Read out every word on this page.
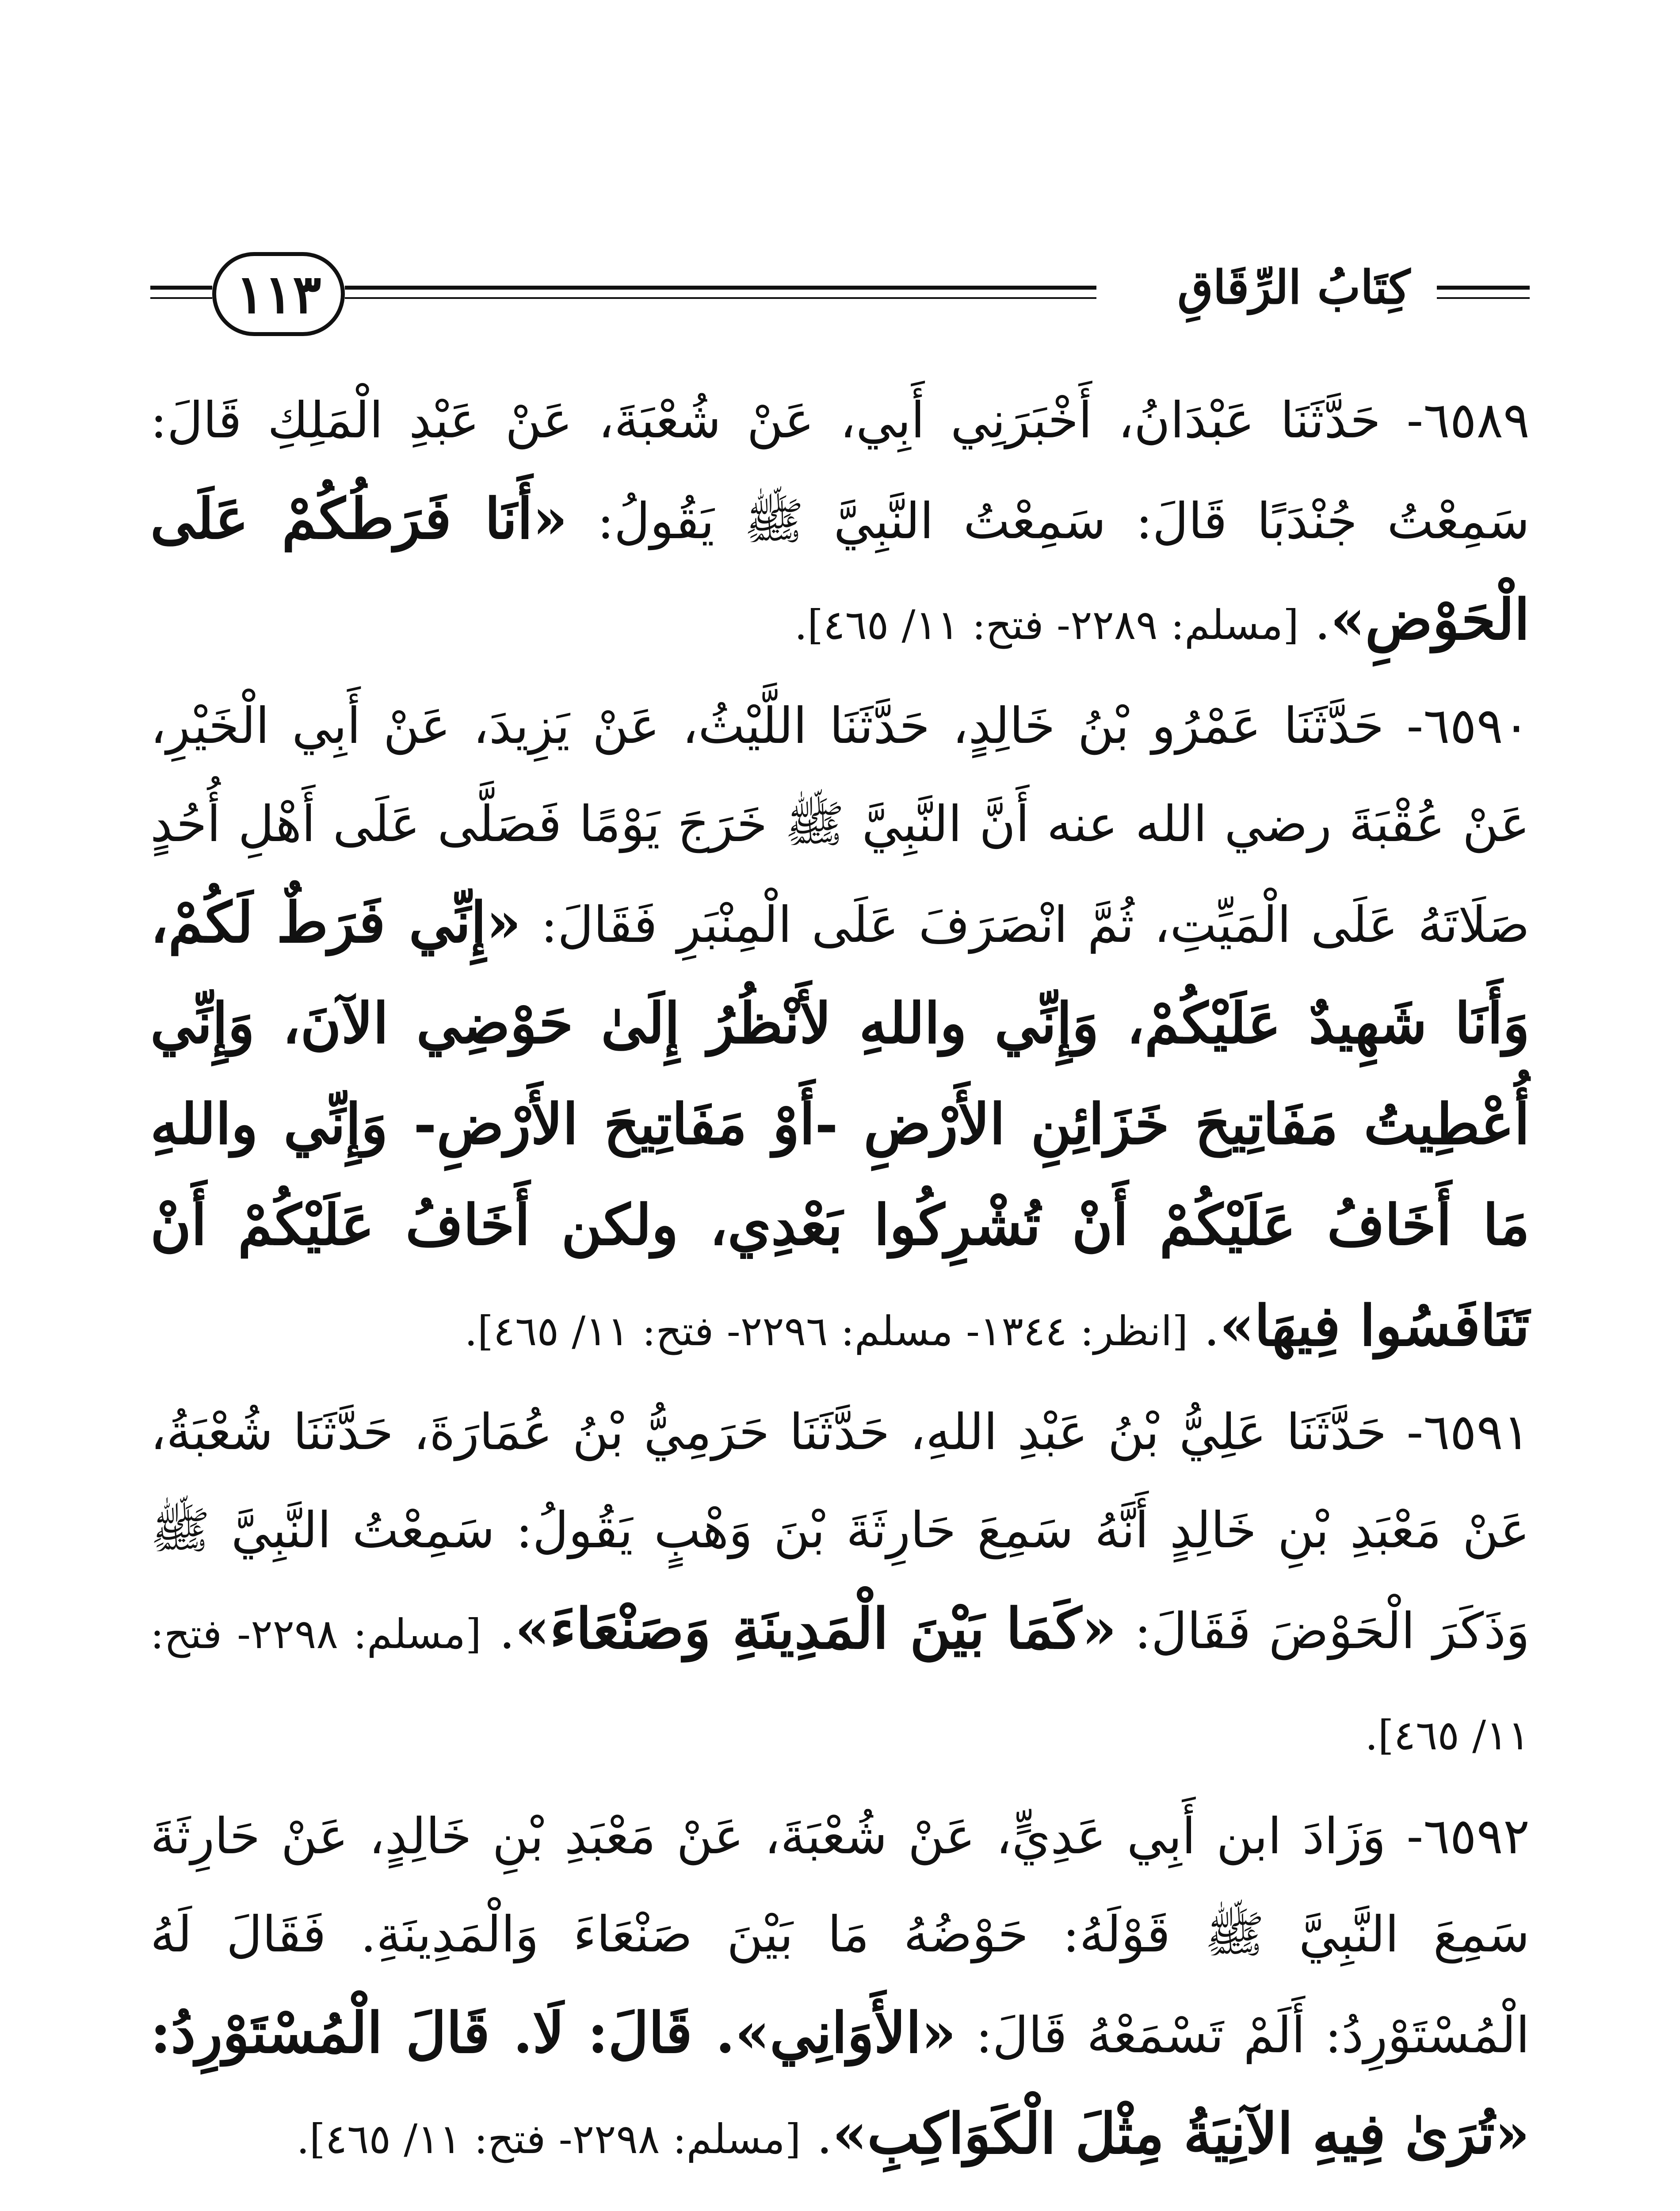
١١٣	كِتَابُ الرِّقَاقِ

٦٥٨٩- حَدَّثَنَا عَبْدَانُ، أَخْبَرَنِي أَبِي، عَنْ شُعْبَةَ، عَنْ عَبْدِ الْمَلِكِ قَالَ: سَمِعْتُ جُنْدَبًا قَالَ: سَمِعْتُ النَّبِيَّ ﷺ يَقُولُ: «أَنَا فَرَطُكُمْ عَلَى الْحَوْضِ». [مسلم: ٢٢٨٩- فتح: ١١/ ٤٦٥].

٦٥٩٠- حَدَّثَنَا عَمْرُو بْنُ خَالِدٍ، حَدَّثَنَا اللَّيْثُ، عَنْ يَزِيدَ، عَنْ أَبِي الْخَيْرِ، عَنْ عُقْبَةَ رضي الله عنه أَنَّ النَّبِيَّ ﷺ خَرَجَ يَوْمًا فَصَلَّى عَلَى أَهْلِ أُحُدٍ صَلَاتَهُ عَلَى الْمَيِّتِ، ثُمَّ انْصَرَفَ عَلَى الْمِنْبَرِ فَقَالَ: «إِنِّي فَرَطٌ لَكُمْ، وَأَنَا شَهِيدٌ عَلَيْكُمْ، وَإِنِّي واللهِ لأَنْظُرُ إِلَىٰ حَوْضِي الآنَ، وَإِنِّي أُعْطِيتُ مَفَاتِيحَ خَزَائِنِ الأَرْضِ -أَوْ مَفَاتِيحَ الأَرْضِ- وَإِنِّي واللهِ مَا أَخَافُ عَلَيْكُمْ أَنْ تُشْرِكُوا بَعْدِي، ولكن أَخَافُ عَلَيْكُمْ أَنْ تَنَافَسُوا فِيهَا». [انظر: ١٣٤٤- مسلم: ٢٢٩٦- فتح: ١١/ ٤٦٥].

٦٥٩١- حَدَّثَنَا عَلِيُّ بْنُ عَبْدِ اللهِ، حَدَّثَنَا حَرَمِيُّ بْنُ عُمَارَةَ، حَدَّثَنَا شُعْبَةُ، عَنْ مَعْبَدِ بْنِ خَالِدٍ أَنَّهُ سَمِعَ حَارِثَةَ بْنَ وَهْبٍ يَقُولُ: سَمِعْتُ النَّبِيَّ ﷺ وَذَكَرَ الْحَوْضَ فَقَالَ: «كَمَا بَيْنَ الْمَدِينَةِ وَصَنْعَاءَ». [مسلم: ٢٢٩٨- فتح: ١١/ ٤٦٥].

٦٥٩٢- وَزَادَ ابن أَبِي عَدِيٍّ، عَنْ شُعْبَةَ، عَنْ مَعْبَدِ بْنِ خَالِدٍ، عَنْ حَارِثَةَ سَمِعَ النَّبِيَّ ﷺ قَوْلَهُ: حَوْضُهُ مَا بَيْنَ صَنْعَاءَ وَالْمَدِينَةِ. فَقَالَ لَهُ الْمُسْتَوْرِدُ: أَلَمْ تَسْمَعْهُ قَالَ: «الأَوَانِي». قَالَ: لَا. قَالَ الْمُسْتَوْرِدُ: «تُرَىٰ فِيهِ الآنِيَةُ مِثْلَ الْكَوَاكِبِ». [مسلم: ٢٢٩٨- فتح: ١١/ ٤٦٥].
